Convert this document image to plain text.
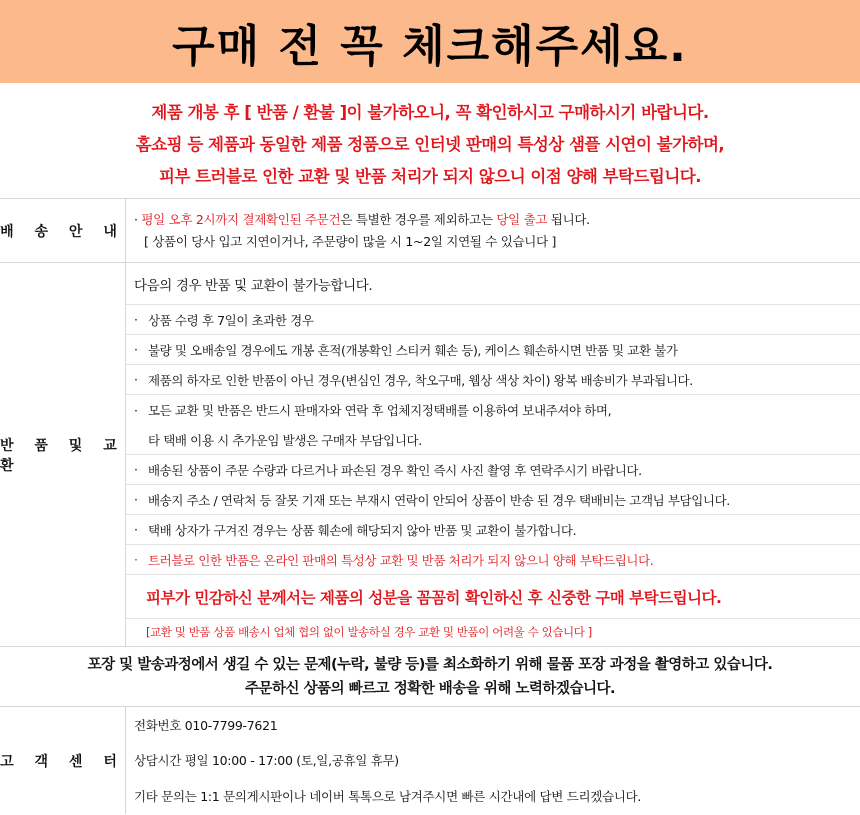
구매 전 꼭 체크해주세요.
제품 개봉 후 [ 반품 / 환불 ]이 불가하오니, 꼭 확인하시고 구매하시기 바랍니다.
홈쇼핑 등 제품과 동일한 제품 정품으로 인터넷 판매의 특성상 샘플 시연이 불가하며,
피부 트러블로 인한 교환 및 반품 처리가 되지 않으니 이점 양해 부탁드립니다.
배 송 안 내
· 평일 오후 2시까지 결제확인된 주문건은 특별한 경우를 제외하고는 당일 출고 됩니다.
[ 상품이 당사 입고 지연이거나, 주문량이 많을 시 1~2일 지연될 수 있습니다 ]
반 품 및 교 환
다음의 경우 반품 및 교환이 불가능합니다.
· 상품 수령 후 7일이 초과한 경우
· 불량 및 오배송일 경우에도 개봉 흔적(개봉확인 스티커 훼손 등), 케이스 훼손하시면 반품 및 교환 불가
· 제품의 하자로 인한 반품이 아닌 경우(변심인 경우, 착오구매, 웹상 색상 차이) 왕복 배송비가 부과됩니다.
· 모든 교환 및 반품은 반드시 판매자와 연락 후 업체지정택배를 이용하여 보내주셔야 하며,
타 택배 이용 시 추가운임 발생은 구매자 부담입니다.
· 배송된 상품이 주문 수량과 다르거나 파손된 경우 확인 즉시 사진 촬영 후 연락주시기 바랍니다.
· 배송지 주소 / 연락처 등 잘못 기재 또는 부재시 연락이 안되어 상품이 반송 된 경우 택배비는 고객님 부담입니다.
· 택배 상자가 구겨진 경우는 상품 훼손에 해당되지 않아 반품 및 교환이 불가합니다.
· 트러블로 인한 반품은 온라인 판매의 특성상 교환 및 반품 처리가 되지 않으니 양해 부탁드립니다.
피부가 민감하신 분께서는 제품의 성분을 꼼꼼히 확인하신 후 신중한 구매 부탁드립니다.
[교환 및 반품 상품 배송시 업체 협의 없이 발송하실 경우 교환 및 반품이 어려울 수 있습니다 ]
포장 및 발송과정에서 생길 수 있는 문제(누락, 불량 등)를 최소화하기 위해 물품 포장 과정을 촬영하고 있습니다.
주문하신 상품의 빠르고 정확한 배송을 위해 노력하겠습니다.
고 객 센 터
전화번호 010-7799-7621
상담시간 평일 10:00 - 17:00 (토,일,공휴일 휴무)
기타 문의는 1:1 문의게시판이나 네이버 톡톡으로 남겨주시면 빠른 시간내에 답변 드리겠습니다.
